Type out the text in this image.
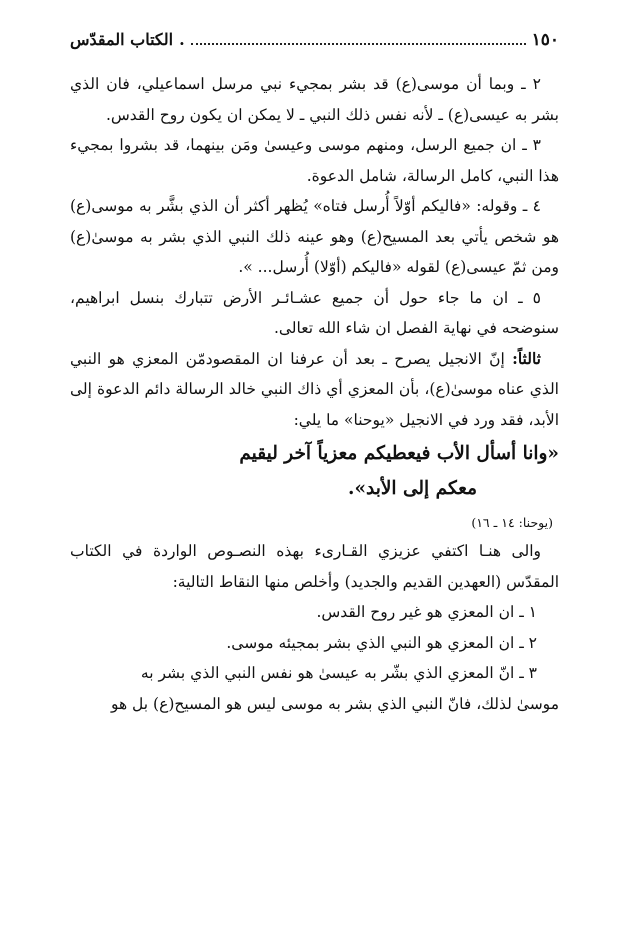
١٥٠
.
الكتاب المقدّس

٢ ـ وبما أن موسى(ع) قد بشر بمجيء نبي مرسل اسماعيلي، فان الذي بشر به عيسى(ع) ـ لأنه نفس ذلك النبي ـ لا يمكن ان يكون روح القدس.

٣ ـ ان جميع الرسل، ومنهم موسى وعيسىٰ ومَن بينهما، قد بشروا بمجيء هذا النبي، كامل الرسالة، شامل الدعوة.

٤ ـ وقوله: «فاليكم أوّلاً أُرسل فتاه» يُظهر أكثر أن الذي بشَّر به موسى(ع) هو شخص يأتي بعد المسيح(ع) وهو عينه ذلك النبي الذي بشر به موسىٰ(ع) ومن ثمّ عيسى(ع) لقوله «فاليكم (أوّلا) أُرسل... ».

٥ ـ ان ما جاء حول أن جميع عشـائـر الأرض تتبارك بنسل ابراهيم، سنوضحه في نهاية الفصل ان شاء الله تعالى.

ثالثاً: إنّ الانجيل يصرح ـ بعد أن عرفنا ان المقصودمّن المعزي هو النبي الذي عناه موسىٰ(ع)، بأن المعزي أي ذاك النبي خالد الرسالة دائم الدعوة إلى الأبد، فقد ورد في الانجيل «يوحنا» ما يلي:

«وانا أسأل الأب فيعطيكم معزياً آخر ليقيم
معكم إلى الأبد».
(يوحنا: ١٤ ـ ١٦)

والى هنـا اكتفي عزيزي القـارىء بهذه النصـوص الواردة في الكتاب المقدّس (العهدين القديم والجديد) وأخلص منها النقاط التالية:

١ ـ ان المعزي هو غير روح القدس.

٢ ـ ان المعزي هو النبي الذي بشر بمجيئه موسى.

٣ ـ انّ المعزي الذي بشّر به عيسىٰ هو نفس النبي الذي بشر به

موسىٰ لذلك، فانّ النبي الذي بشر به موسى ليس هو المسيح(ع) بل هو
